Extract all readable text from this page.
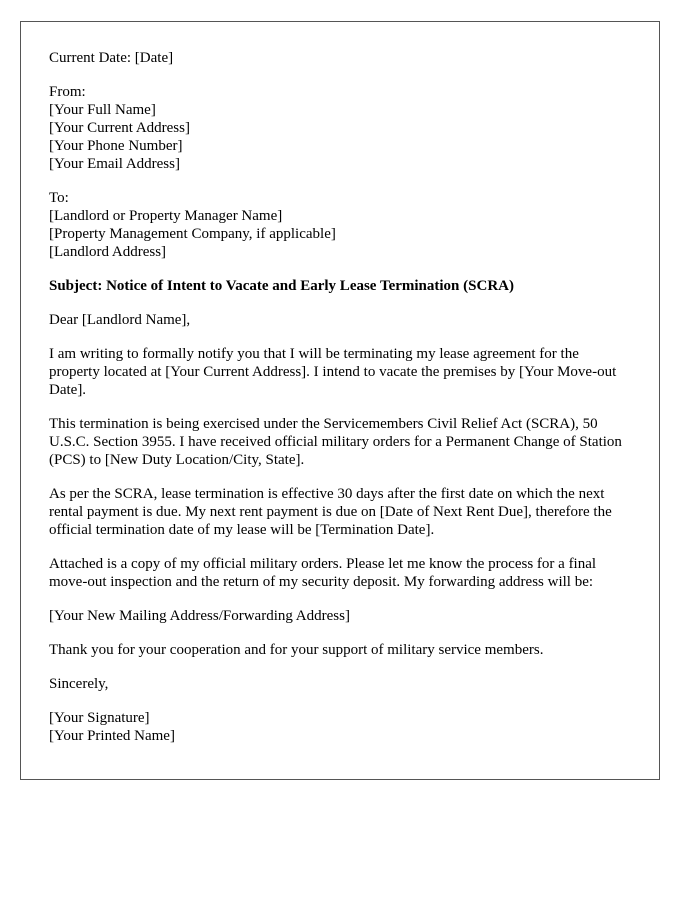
Current Date: [Date]

From:
[Your Full Name]
[Your Current Address]
[Your Phone Number]
[Your Email Address]
To:
[Landlord or Property Manager Name]
[Property Management Company, if applicable]
[Landlord Address]

Subject: Notice of Intent to Vacate and Early Lease Termination (SCRA)

Dear [Landlord Name],

I am writing to formally notify you that I will be terminating my lease agreement for the property located at [Your Current Address]. I intend to vacate the premises by [Your Move-out Date].

This termination is being exercised under the Servicemembers Civil Relief Act (SCRA), 50 U.S.C. Section 3955. I have received official military orders for a Permanent Change of Station (PCS) to [New Duty Location/City, State].

As per the SCRA, lease termination is effective 30 days after the first date on which the next rental payment is due. My next rent payment is due on [Date of Next Rent Due], therefore the official termination date of my lease will be [Termination Date].

Attached is a copy of my official military orders. Please let me know the process for a final move-out inspection and the return of my security deposit. My forwarding address will be:

[Your New Mailing Address/Forwarding Address]

Thank you for your cooperation and for your support of military service members.

Sincerely,

[Your Signature]
[Your Printed Name]
